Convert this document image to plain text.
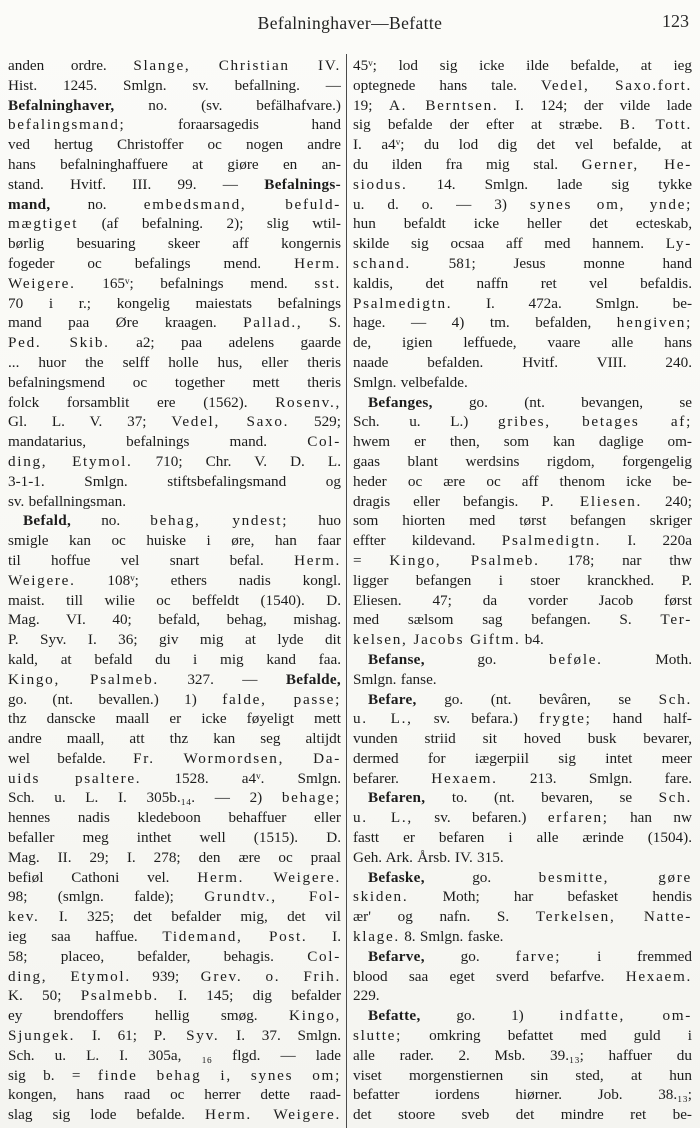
Befalninghaver—Befatte	123
anden ordre. Slange, Christian IV.
Hist. 1245. Smlgn. sv. befallning. —
Befalninghaver, no. (sv. befälhafvare.)
befalingsmand; foraarsagedis hand
ved hertug Christoffer oc nogen andre
hans befalninghaffuere at giøre en an-
stand. Hvitf. III. 99. — Befalnings-
mand, no. embedsmand, befuld-
mægtiget (af befalning. 2); slig wtil-
børlig besuaring skeer aff kongernis
fogeder oc befalings mend. Herm.
Weigere. 165ᵛ; befalnings mend. sst.
70 i r.; kongelig maiestats befalnings
mand paa Øre kraagen. Pallad., S.
Ped. Skib. a2; paa adelens gaarde
... huor the selff holle hus, eller theris
befalningsmend oc together mett theris
folck forsamblit ere (1562). Rosenv.,
Gl. L. V. 37; Vedel, Saxo. 529;
mandatarius, befalnings mand. Col-
ding, Etymol. 710; Chr. V. D. L.
3-1-1. Smlgn. stiftsbefalingsmand og
sv. befallningsman.
Befald, no. behag, yndest; huo
smigle kan oc huiske i øre, han faar
til hoffue vel snart befal. Herm.
Weigere. 108ᵛ; ethers nadis kongl.
maist. till wilie oc beffeldt (1540). D.
Mag. VI. 40; befald, behag, mishag.
P. Syv. I. 36; giv mig at lyde dit
kald, at befald du i mig kand faa.
Kingo, Psalmeb. 327. — Befalde,
go. (nt. bevallen.) 1) falde, passe;
thz danscke maall er icke føyeligt mett
andre maall, att thz kan seg altijdt
wel befalde. Fr. Wormordsen, Da-
uids psaltere. 1528. a4ᵛ. Smlgn.
Sch. u. L. I. 305b.₁₄. — 2) behage;
hennes nadis kledeboon behaffuer eller
befaller meg inthet well (1515). D.
Mag. II. 29; I. 278; den ære oc praal
befiøl Cathoni vel. Herm. Weigere.
98; (smlgn. falde); Grundtv., Fol-
kev. I. 325; det befalder mig, det vil
ieg saa haffue. Tidemand, Post. I.
58; placeo, befalder, behagis. Col-
ding, Etymol. 939; Grev. o. Frih.
K. 50; Psalmebb. I. 145; dig befalder
ey brendoffers hellig smøg. Kingo,
Sjungek. I. 61; P. Syv. I. 37. Smlgn.
Sch. u. L. I. 305a, ₁₆ flgd. — lade
sig b. = finde behag i, synes om;
kongen, hans raad oc herrer dette raad-
slag sig lode befalde. Herm. Weigere.
45ᵛ; lod sig icke ilde befalde, at ieg
optegnede hans tale. Vedel, Saxo.fort.
19; A. Berntsen. I. 124; der vilde lade
sig befalde der efter at stræbe. B. Tott.
I. a4ᵛ; du lod dig det vel befalde, at
du ilden fra mig stal. Gerner, He-
siodus. 14. Smlgn. lade sig tykke
u. d. o. — 3) synes om, ynde;
hun befaldt icke heller det ecteskab,
skilde sig ocsaa aff med hannem. Ly-
schand. 581; Jesus monne hand
kaldis, det naffn ret vel befaldis.
Psalmedigtn. I. 472a. Smlgn. be-
hage. — 4) tm. befalden, hengiven;
de, igien leffuede, vaare alle hans
naade befalden. Hvitf. VIII. 240.
Smlgn. velbefalde.
Befanges, go. (nt. bevangen, se
Sch. u. L.) gribes, betages af;
hwem er then, som kan daglige om-
gaas blant werdsins rigdom, forgengelig
heder oc ære oc aff thenom icke be-
dragis eller befangis. P. Eliesen. 240;
som hiorten med tørst befangen skriger
effter kildevand. Psalmedigtn. I. 220a
= Kingo, Psalmeb. 178; nar thw
ligger befangen i stoer kranckhed. P.
Eliesen. 47; da vorder Jacob først
med sælsom sag befangen. S. Ter-
kelsen, Jacobs Giftm. b4.
Befanse, go. beføle. Moth.
Smlgn. fanse.
Befare, go. (nt. bevâren, se Sch.
u. L., sv. befara.) frygte; hand half-
vunden striid sit hoved busk bevarer,
dermed for iægerpiil sig intet meer
befarer. Hexaem. 213. Smlgn. fare.
Befaren, to. (nt. bevaren, se Sch.
u. L., sv. befaren.) erfaren; han nw
fastt er befaren i alle ærinde (1504).
Geh. Ark. Årsb. IV. 315.
Befaske, go. besmitte, gøre
skiden. Moth; har befasket hendis
ær' og nafn. S. Terkelsen, Natte-
klage. 8. Smlgn. faske.
Befarve, go. farve; i fremmed
blood saa eget sverd befarfve. Hexaem.
229.
Befatte, go. 1) indfatte, om-
slutte; omkring befattet med guld i
alle rader. 2. Msb. 39.₁₃; haffuer du
viset morgenstiernen sin sted, at hun
befatter iordens hiørner. Job. 38.₁₃;
det stoore sveb det mindre ret be-
